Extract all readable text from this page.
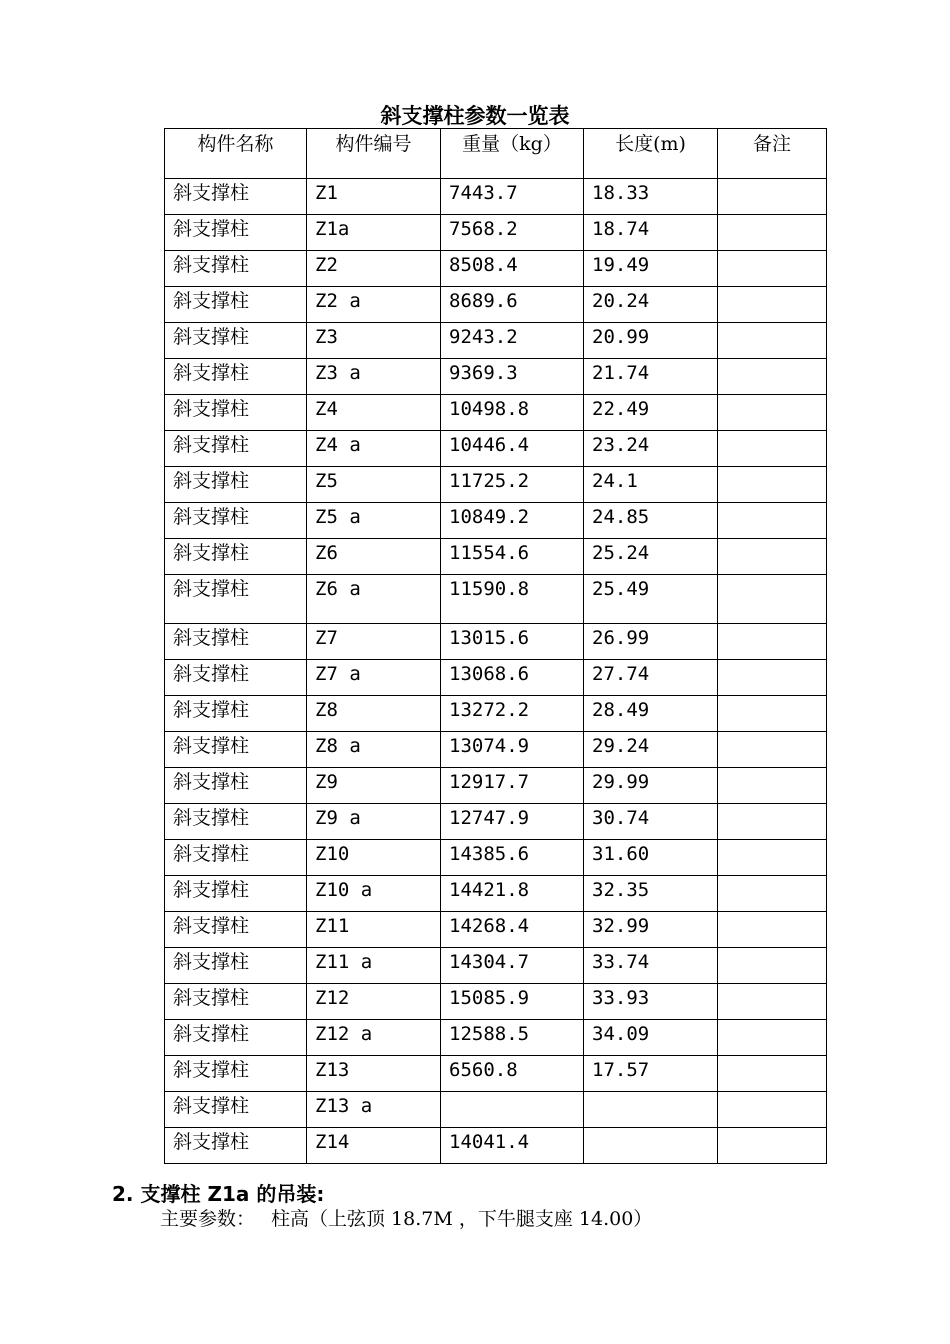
斜支撑柱参数一览表
构件名称	构件编号	重量（kg）	长度(m)	备注
斜支撑柱	Z1	7443.7	18.33	
斜支撑柱	Z1a	7568.2	18.74	
斜支撑柱	Z2	8508.4	19.49	
斜支撑柱	Z2 a	8689.6	20.24	
斜支撑柱	Z3	9243.2	20.99	
斜支撑柱	Z3 a	9369.3	21.74	
斜支撑柱	Z4	10498.8	22.49	
斜支撑柱	Z4 a	10446.4	23.24	
斜支撑柱	Z5	11725.2	24.1	
斜支撑柱	Z5 a	10849.2	24.85	
斜支撑柱	Z6	11554.6	25.24	
斜支撑柱	Z6 a	11590.8	25.49	
斜支撑柱	Z7	13015.6	26.99	
斜支撑柱	Z7 a	13068.6	27.74	
斜支撑柱	Z8	13272.2	28.49	
斜支撑柱	Z8 a	13074.9	29.24	
斜支撑柱	Z9	12917.7	29.99	
斜支撑柱	Z9 a	12747.9	30.74	
斜支撑柱	Z10	14385.6	31.60	
斜支撑柱	Z10 a	14421.8	32.35	
斜支撑柱	Z11	14268.4	32.99	
斜支撑柱	Z11 a	14304.7	33.74	
斜支撑柱	Z12	15085.9	33.93	
斜支撑柱	Z12 a	12588.5	34.09	
斜支撑柱	Z13	6560.8	17.57	
斜支撑柱	Z13 a			
斜支撑柱	Z14	14041.4		
2. 支撑柱 Z1a 的吊装:
主要参数： 柱高（上弦顶 18.7M ，下牛腿支座 14.00）
